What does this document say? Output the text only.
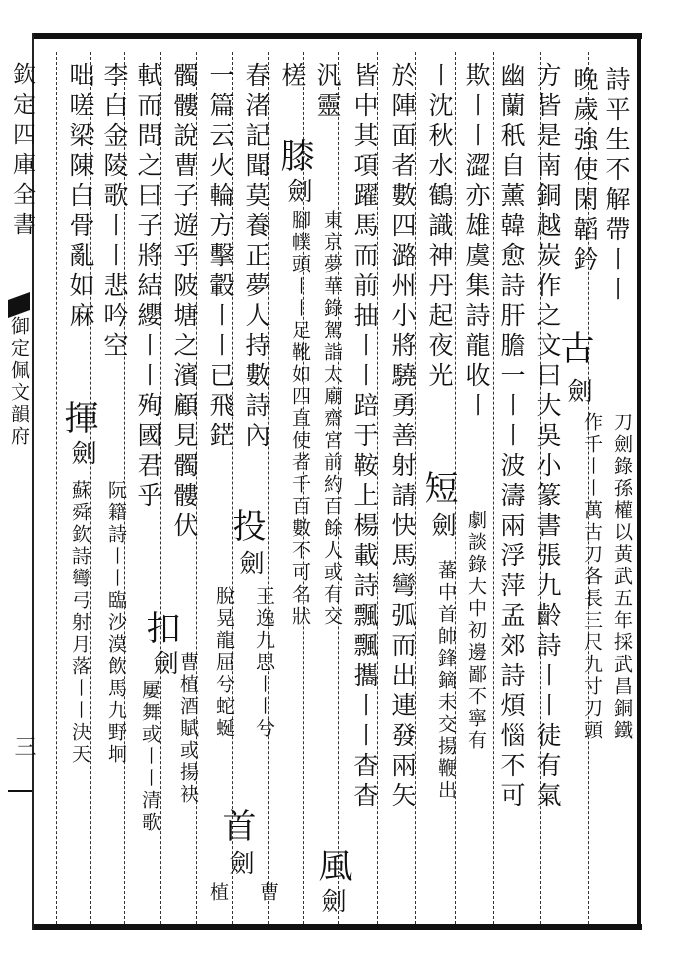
欽定四庫全書
御定佩文韻府
三
詩平生不解帶〡〡
晚歲強使閑韜鈐
古
劍
刀劍錄孫權以黃武五年採武昌銅鐵
作千〡〡萬古刀各長三尺九寸刀頭
方皆是南銅越炭作之文曰大吳小篆書張九齡詩〡〡徒有氣
幽蘭秖自薰韓愈詩肝膽一〡〡波濤兩浮萍孟郊詩煩惱不可
欺〡〡澀亦雄虞集詩龍收〡
〡沈秋水鶴識神丹起夜光
短
劍 劇談錄大中初邊鄙不寧有
蕃中首帥鋒鏑未交揚鞭出
於陣面者數四潞州小將驍勇善射請快馬彎弧而出連發兩矢
皆中其項躍馬而前抽〡〡踣于鞍上楊載詩飄飄攜〡〡杳杳
汎靈
槎
膝
劍
東京夢華錄駕詣太廟齋宮前約百餘人或有交
腳幞頭〡〡足靴如四直使者千百數不可名狀
風
劍
春渚記聞莫養正夢人持數詩內
一篇云火輪方擊轂〡〡已飛鋩
投
劍
王逸九思〡〡兮
脫晃龍屈兮蛇蜒
首
劍
曹
植
髑髏說曹子遊乎陂塘之濱顧見髑髏伏
軾而問之曰子將結纓〡〡殉國君乎
扣
劍
曹植酒賦或揚袂
屢舞或〡〡清歌
李白金陵歌〡〡悲吟空
咄嗟梁陳白骨亂如麻
揮
劍
阮籍詩〡〡臨沙漠飲馬九野坰
蘇舜欽詩彎弓射月落〡〡決天
